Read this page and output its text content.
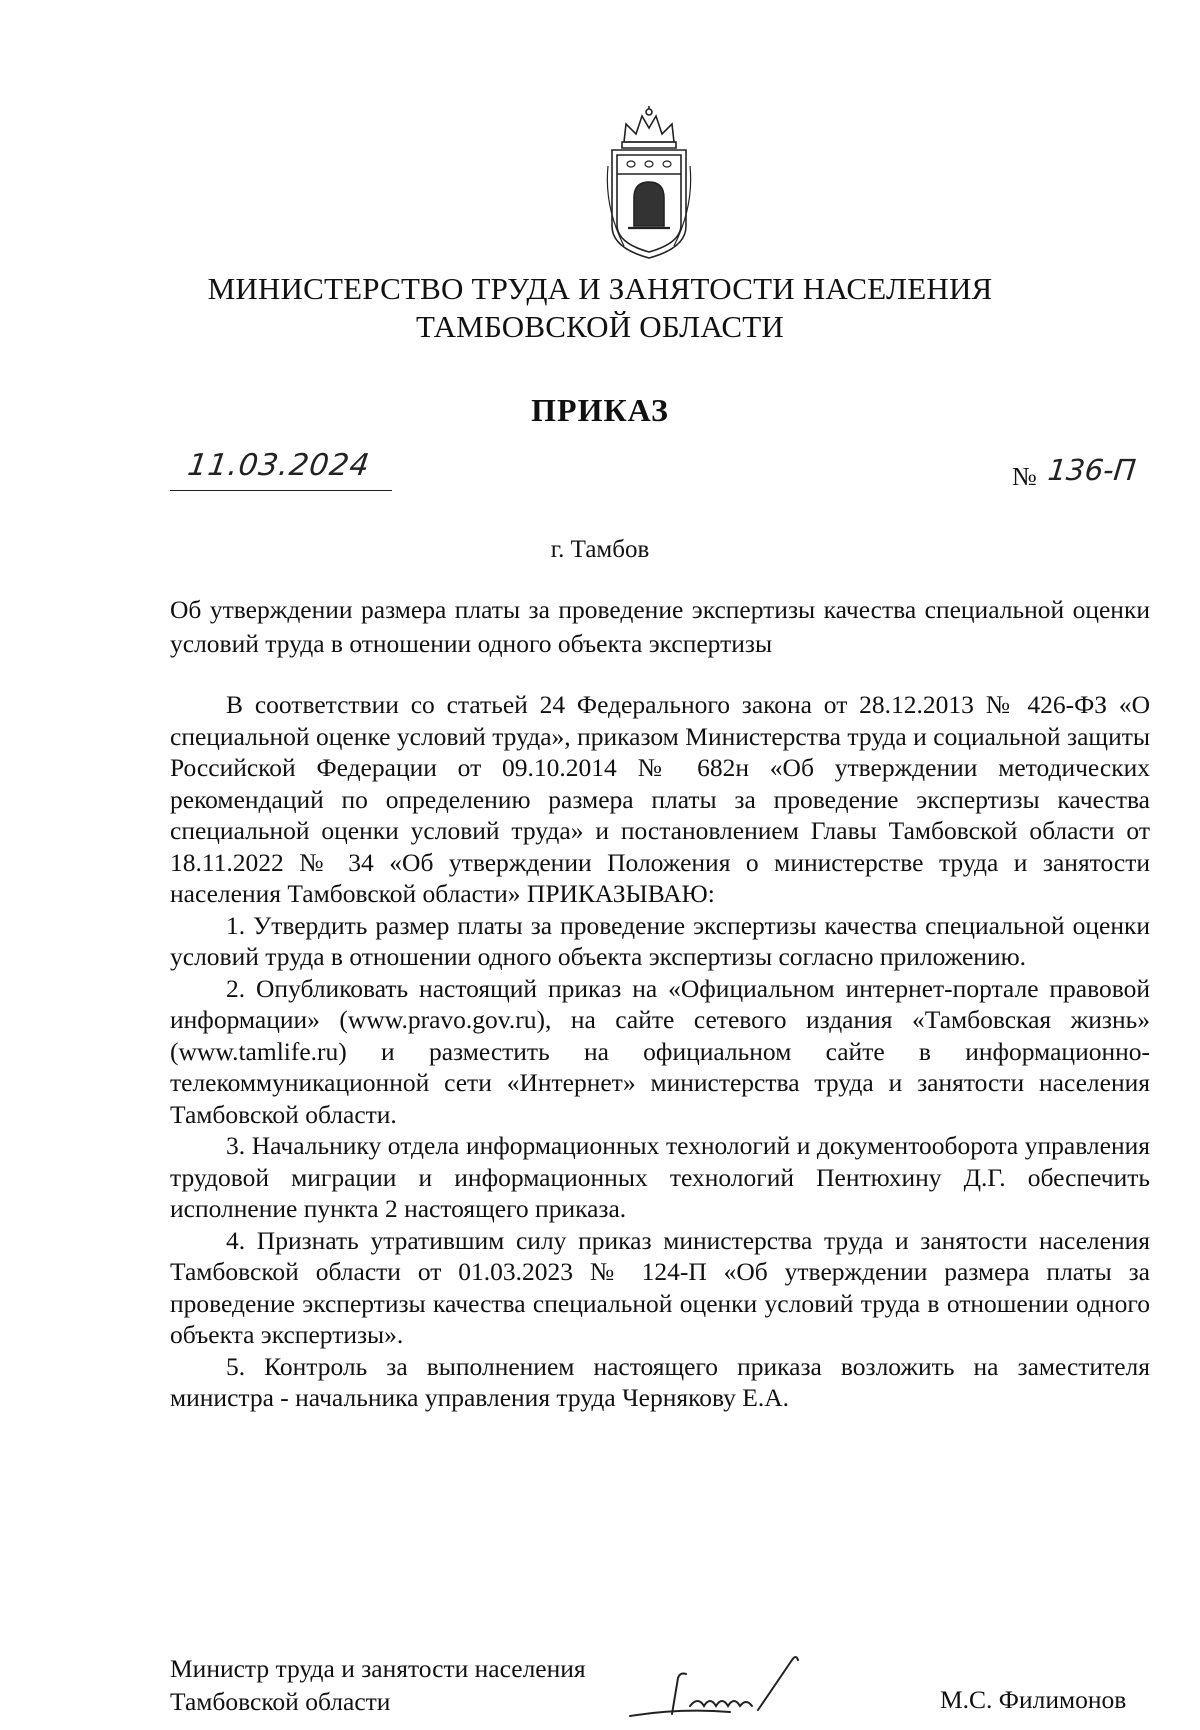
МИНИСТЕРСТВО ТРУДА И ЗАНЯТОСТИ НАСЕЛЕНИЯ
ТАМБОВСКОЙ ОБЛАСТИ
ПРИКАЗ
11.03.2024	№ 136-П
г. Тамбов
Об утверждении размера платы за проведение экспертизы качества специальной оценки условий труда в отношении одного объекта экспертизы

В соответствии со статьей 24 Федерального закона от 28.12.2013 № 426-ФЗ «О специальной оценке условий труда», приказом Министерства труда и социальной защиты Российской Федерации от 09.10.2014 № 682н «Об утверждении методических рекомендаций по определению размера платы за проведение экспертизы качества специальной оценки условий труда» и постановлением Главы Тамбовской области от 18.11.2022 № 34 «Об утверждении Положения о министерстве труда и занятости населения Тамбовской области» ПРИКАЗЫВАЮ:

1. Утвердить размер платы за проведение экспертизы качества специальной оценки условий труда в отношении одного объекта экспертизы согласно приложению.

2. Опубликовать настоящий приказ на «Официальном интернет-портале правовой информации» (www.pravo.gov.ru), на сайте сетевого издания «Тамбовская жизнь» (www.tamlife.ru) и разместить на официальном сайте в информационно-телекоммуникационной сети «Интернет» министерства труда и занятости населения Тамбовской области.

3. Начальнику отдела информационных технологий и документооборота управления трудовой миграции и информационных технологий Пентюхину Д.Г. обеспечить исполнение пункта 2 настоящего приказа.

4. Признать утратившим силу приказ министерства труда и занятости населения Тамбовской области от 01.03.2023 № 124-П «Об утверждении размера платы за проведение экспертизы качества специальной оценки условий труда в отношении одного объекта экспертизы».

5. Контроль за выполнением настоящего приказа возложить на заместителя министра - начальника управления труда Чернякову Е.А.

Министр труда и занятости населения
Тамбовской области	М.С. Филимонов
